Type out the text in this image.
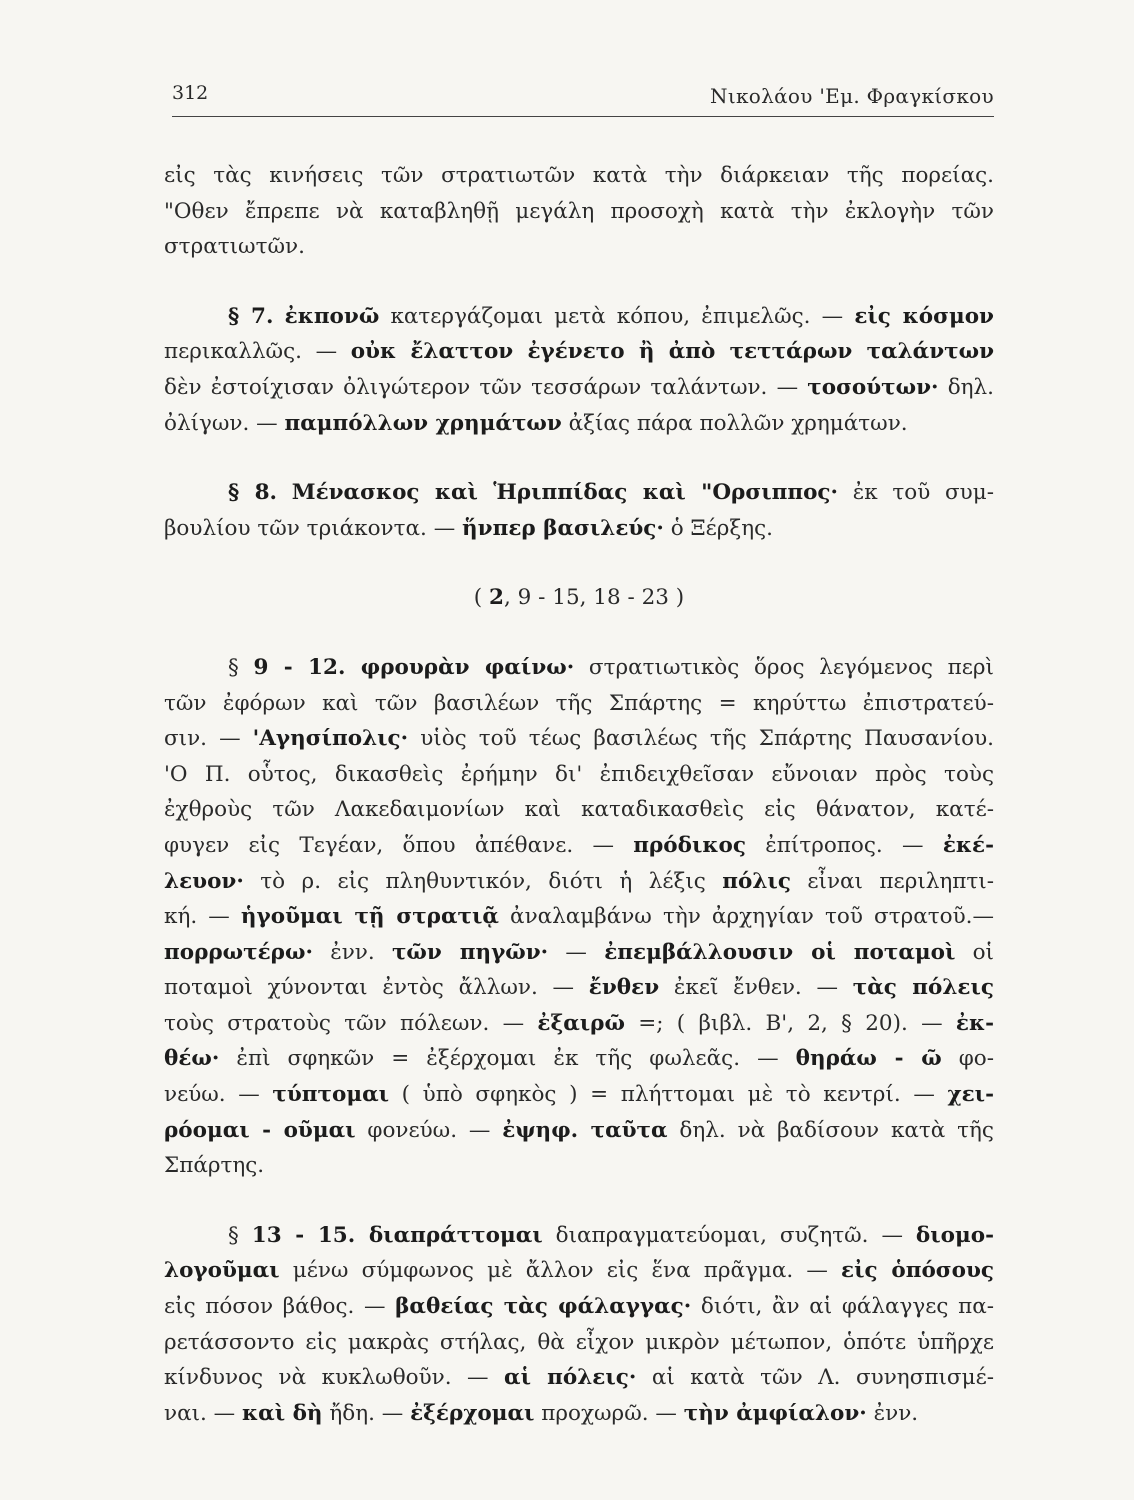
312	Νικολάου 'Εμ. Φραγκίσκου
εἰς τὰς κινήσεις τῶν στρατιωτῶν κατὰ τὴν διάρκειαν τῆς πορείας.
"Οθεν ἔπρεπε νὰ καταβληθῇ μεγάλη προσοχὴ κατὰ τὴν ἐκλογὴν τῶν
στρατιωτῶν.
§ 7. ἐκπονῶ κατεργάζομαι μετὰ κόπου, ἐπιμελῶς. — εἰς κόσμον
περικαλλῶς. — οὐκ ἔλαττον ἐγένετο ἢ ἀπὸ τεττάρων ταλάντων
δὲν ἐστοίχισαν ὀλιγώτερον τῶν τεσσάρων ταλάντων. — τοσούτων· δηλ.
ὀλίγων. — παμπόλλων χρημάτων ἀξίας πάρα πολλῶν χρημάτων.
§ 8. Μένασκος καὶ Ἡριππίδας καὶ "Ορσιππος· ἐκ τοῦ συμ-
βουλίου τῶν τριάκοντα. — ἥνπερ βασιλεύς· ὁ Ξέρξης.
( 2, 9 - 15, 18 - 23 )
§ 9 - 12. φρουρὰν φαίνω· στρατιωτικὸς ὅρος λεγόμενος περὶ
τῶν ἐφόρων καὶ τῶν βασιλέων τῆς Σπάρτης = κηρύττω ἐπιστρατεύ-
σιν. — 'Αγησίπολις· υἱὸς τοῦ τέως βασιλέως τῆς Σπάρτης Παυσανίου.
'Ο Π. οὗτος, δικασθεὶς ἐρήμην δι' ἐπιδειχθεῖσαν εὔνοιαν πρὸς τοὺς
ἐχθροὺς τῶν Λακεδαιμονίων καὶ καταδικασθεὶς εἰς θάνατον, κατέ-
φυγεν εἰς Τεγέαν, ὅπου ἀπέθανε. — πρόδικος ἐπίτροπος. — ἐκέ-
λευον· τὸ ρ. εἰς πληθυντικόν, διότι ἡ λέξις πόλις εἶναι περιληπτι-
κή. — ἡγοῦμαι τῇ στρατιᾷ ἀναλαμβάνω τὴν ἀρχηγίαν τοῦ στρατοῦ.—
πορρωτέρω· ἐνν. τῶν πηγῶν· — ἐπεμβάλλουσιν οἱ ποταμοὶ οἱ
ποταμοὶ χύνονται ἐντὸς ἄλλων. — ἔνθεν ἐκεῖ ἔνθεν. — τὰς πόλεις
τοὺς στρατοὺς τῶν πόλεων. — ἐξαιρῶ =; ( βιβλ. Β', 2, § 20). — ἐκ-
θέω· ἐπὶ σφηκῶν = ἐξέρχομαι ἐκ τῆς φωλεᾶς. — θηράω - ῶ φο-
νεύω. — τύπτομαι ( ὑπὸ σφηκὸς ) = πλήττομαι μὲ τὸ κεντρί. — χει-
ρόομαι - οῦμαι φονεύω. — ἐψηφ. ταῦτα δηλ. νὰ βαδίσουν κατὰ τῆς
Σπάρτης.
§ 13 - 15. διαπράττομαι διαπραγματεύομαι, συζητῶ. — διομο-
λογοῦμαι μένω σύμφωνος μὲ ἄλλον εἰς ἕνα πρᾶγμα. — εἰς ὁπόσους
εἰς πόσον βάθος. — βαθείας τὰς φάλαγγας· διότι, ἂν αἱ φάλαγγες πα-
ρετάσσοντο εἰς μακρὰς στήλας, θὰ εἶχον μικρὸν μέτωπον, ὁπότε ὑπῆρχε
κίνδυνος νὰ κυκλωθοῦν. — αἱ πόλεις· αἱ κατὰ τῶν Λ. συνησπισμέ-
ναι. — καὶ δὴ ἤδη. — ἐξέρχομαι προχωρῶ. — τὴν ἀμφίαλον· ἐνν.
